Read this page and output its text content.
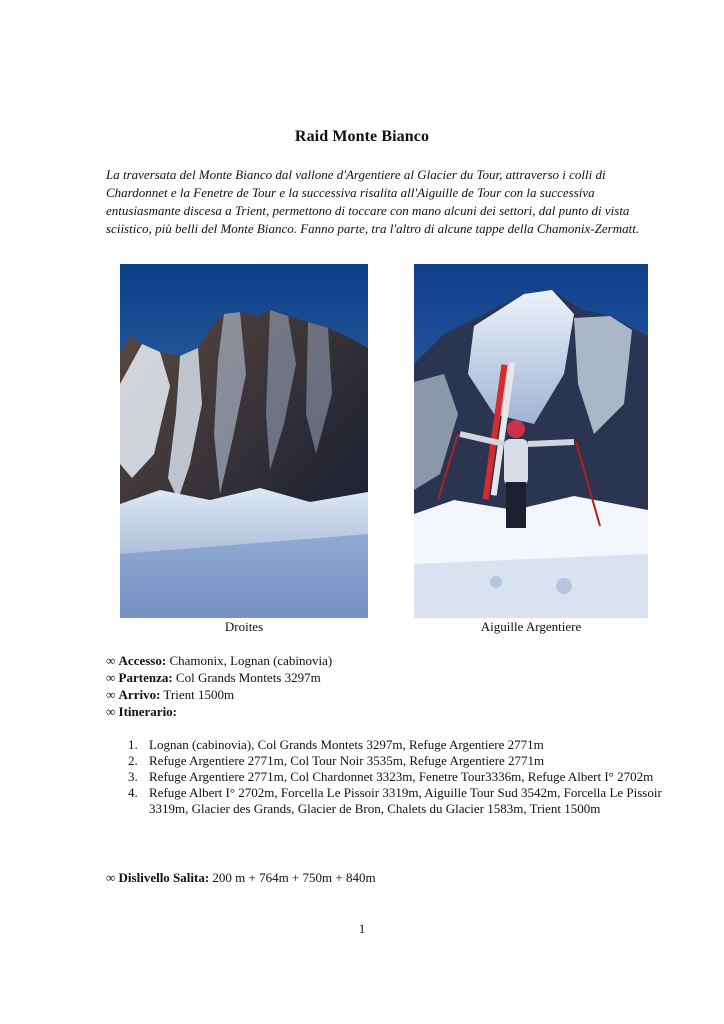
Raid Monte Bianco

La traversata del Monte Bianco dal vallone d'Argentiere al Glacier du Tour, attraverso i colli di Chardonnet e la Fenetre de Tour e la successiva risalita all'Aiguille de Tour con la successiva entusiasmante discesa a Trient, permettono di toccare con mano alcuni dei settori, dal punto di vista sciistico, più belli del Monte Bianco. Fanno parte, tra l'altro di alcune tappe della Chamonix-Zermatt.

Droites	Aiguille Argentiere
∞ Accesso: Chamonix, Lognan (cabinovia)
∞ Partenza: Col Grands Montets 3297m
∞ Arrivo: Trient 1500m
∞ Itinerario:
1. Lognan (cabinovia), Col Grands Montets 3297m, Refuge Argentiere 2771m
2. Refuge Argentiere 2771m, Col Tour Noir 3535m, Refuge Argentiere 2771m
3. Refuge Argentiere 2771m, Col Chardonnet 3323m, Fenetre Tour3336m, Refuge Albert I° 2702m
4. Refuge Albert I° 2702m, Forcella Le Pissoir 3319m, Aiguille Tour Sud 3542m, Forcella Le Pissoir 3319m, Glacier des Grands, Glacier de Bron, Chalets du Glacier 1583m, Trient 1500m
∞ Dislivello Salita: 200 m + 764m + 750m + 840m
1
